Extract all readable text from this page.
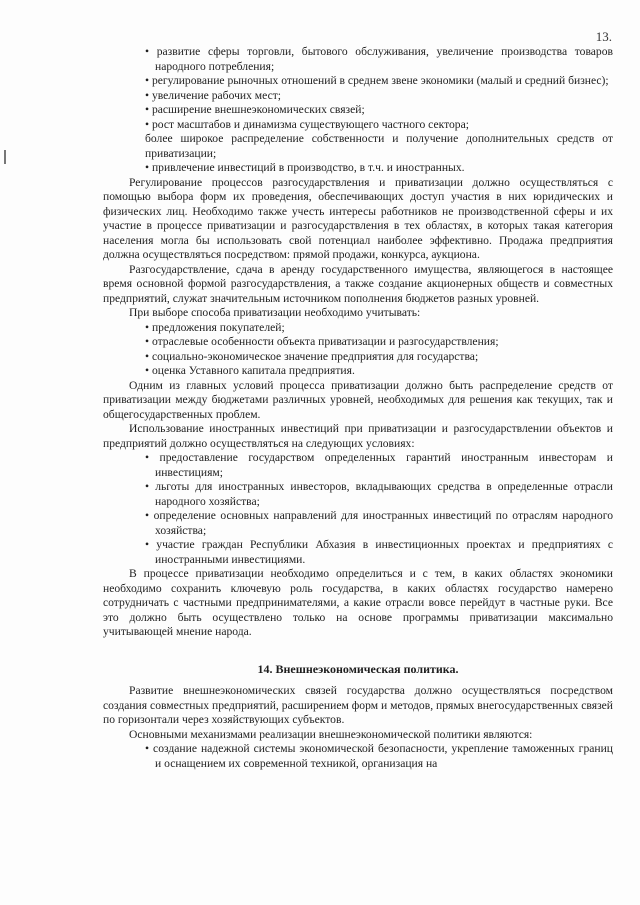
13.

• развитие сферы торговли, бытового обслуживания, увеличение производства товаров народного потребления;

• регулирование рыночных отношений в среднем звене экономики (малый и средний бизнес);

• увеличение рабочих мест;

• расширение внешнеэкономических связей;

• рост масштабов и динамизма существующего частного сектора;

более широкое распределение собственности и получение дополнительных средств от приватизации;

• привлечение инвестиций в производство, в т.ч. и иностранных.

Регулирование процессов разгосударствления и приватизации должно осуществляться с помощью выбора форм их проведения, обеспечивающих доступ участия в них юридических и физических лиц. Необходимо также учесть интересы работников не производственной сферы и их участие в процессе приватизации и разгосударствления в тех областях, в которых такая категория населения могла бы использовать свой потенциал наиболее эффективно. Продажа предприятия должна осуществляться посредством: прямой продажи, конкурса, аукциона.

Разгосударствление, сдача в аренду государственного имущества, являющегося в настоящее время основной формой разгосударствления, а также создание акционерных обществ и совместных предприятий, служат значительным источником пополнения бюджетов разных уровней.

При выборе способа приватизации необходимо учитывать:

• предложения покупателей;

• отраслевые особенности объекта приватизации и разгосударствления;

• социально-экономическое значение предприятия для государства;

• оценка Уставного капитала предприятия.

Одним из главных условий процесса приватизации должно быть распределение средств от приватизации между бюджетами различных уровней, необходимых для решения как текущих, так и общегосударственных проблем.

Использование иностранных инвестиций при приватизации и разгосударствлении объектов и предприятий должно осуществляться на следующих условиях:

• предоставление государством определенных гарантий иностранным инвесторам и инвестициям;

• льготы для иностранных инвесторов, вкладывающих средства в определенные отрасли народного хозяйства;

• определение основных направлений для иностранных инвестиций по отраслям народного хозяйства;

• участие граждан Республики Абхазия в инвестиционных проектах и предприятиях с иностранными инвестициями.

В процессе приватизации необходимо определиться и с тем, в каких областях экономики необходимо сохранить ключевую роль государства, в каких областях государство намерено сотрудничать с частными предпринимателями, а какие отрасли вовсе перейдут в частные руки. Все это должно быть осуществлено только на основе программы приватизации максимально учитывающей мнение народа.

14. Внешнеэкономическая политика.

Развитие внешнеэкономических связей государства должно осуществляться посредством создания совместных предприятий, расширением форм и методов, прямых внегосударственных связей по горизонтали через хозяйствующих субъектов.

Основными механизмами реализации внешнеэкономической политики являются:

• создание надежной системы экономической безопасности, укрепление таможенных границ и оснащением их современной техникой, организация на
